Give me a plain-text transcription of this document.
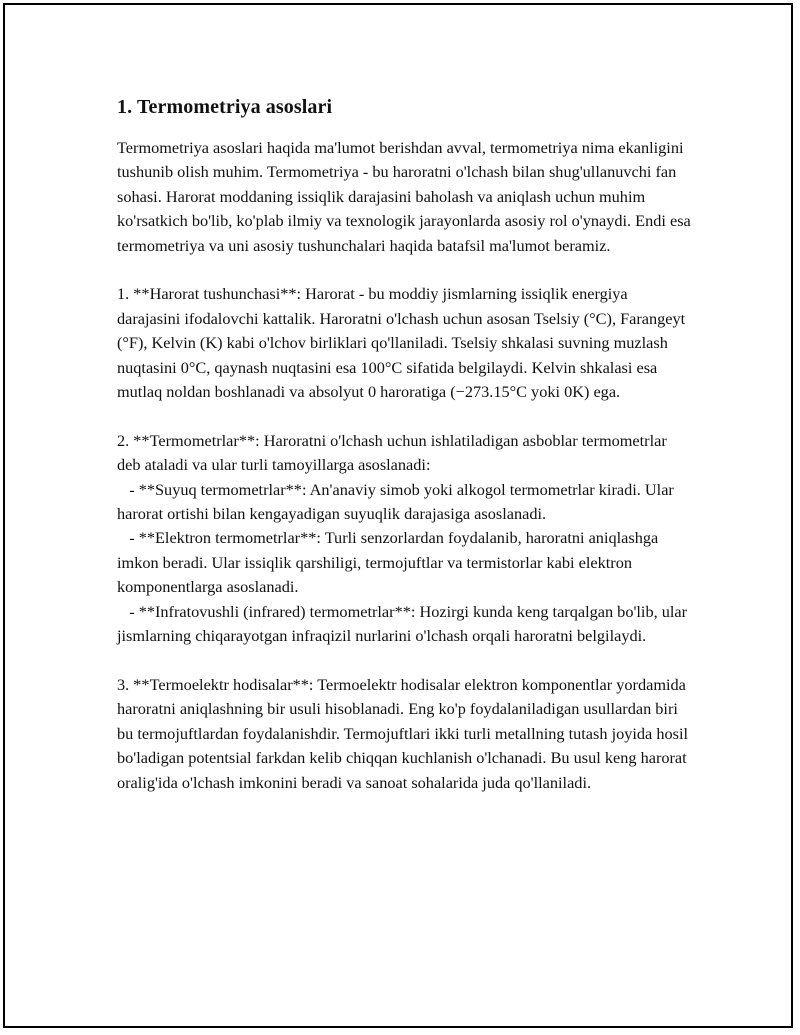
1. Termometriya asoslari

Termometriya asoslari haqida ma'lumot berishdan avval, termometriya nima ekanligini tushunib olish muhim. Termometriya - bu haroratni o'lchash bilan shug'ullanuvchi fan sohasi. Harorat moddaning issiqlik darajasini baholash va aniqlash uchun muhim ko'rsatkich bo'lib, ko'plab ilmiy va texnologik jarayonlarda asosiy rol o'ynaydi. Endi esa termometriya va uni asosiy tushunchalari haqida batafsil ma'lumot beramiz.

1. **Harorat tushunchasi**: Harorat - bu moddiy jismlarning issiqlik energiya darajasini ifodalovchi kattalik. Haroratni o'lchash uchun asosan Tselsiy (°C), Farangeyt (°F), Kelvin (K) kabi o'lchov birliklari qo'llaniladi. Tselsiy shkalasi suvning muzlash nuqtasini 0°C, qaynash nuqtasini esa 100°C sifatida belgilaydi. Kelvin shkalasi esa mutlaq noldan boshlanadi va absolyut 0 haroratiga (−273.15°C yoki 0K) ega.

2. **Termometrlar**: Haroratni o'lchash uchun ishlatiladigan asboblar termometrlar deb ataladi va ular turli tamoyillarga asoslanadi:
- **Suyuq termometrlar**: An'anaviy simob yoki alkogol termometrlar kiradi. Ular harorat ortishi bilan kengayadigan suyuqlik darajasiga asoslanadi.
- **Elektron termometrlar**: Turli senzorlardan foydalanib, haroratni aniqlashga imkon beradi. Ular issiqlik qarshiligi, termojuftlar va termistorlar kabi elektron komponentlarga asoslanadi.
- **Infratovushli (infrared) termometrlar**: Hozirgi kunda keng tarqalgan bo'lib, ular jismlarning chiqarayotgan infraqizil nurlarini o'lchash orqali haroratni belgilaydi.

3. **Termoelektr hodisalar**: Termoelektr hodisalar elektron komponentlar yordamida haroratni aniqlashning bir usuli hisoblanadi. Eng ko'p foydalaniladigan usullardan biri bu termojuftlardan foydalanishdir. Termojuftlari ikki turli metallning tutash joyida hosil bo'ladigan potentsial farkdan kelib chiqqan kuchlanish o'lchanadi. Bu usul keng harorat oralig'ida o'lchash imkonini beradi va sanoat sohalarida juda qo'llaniladi.
